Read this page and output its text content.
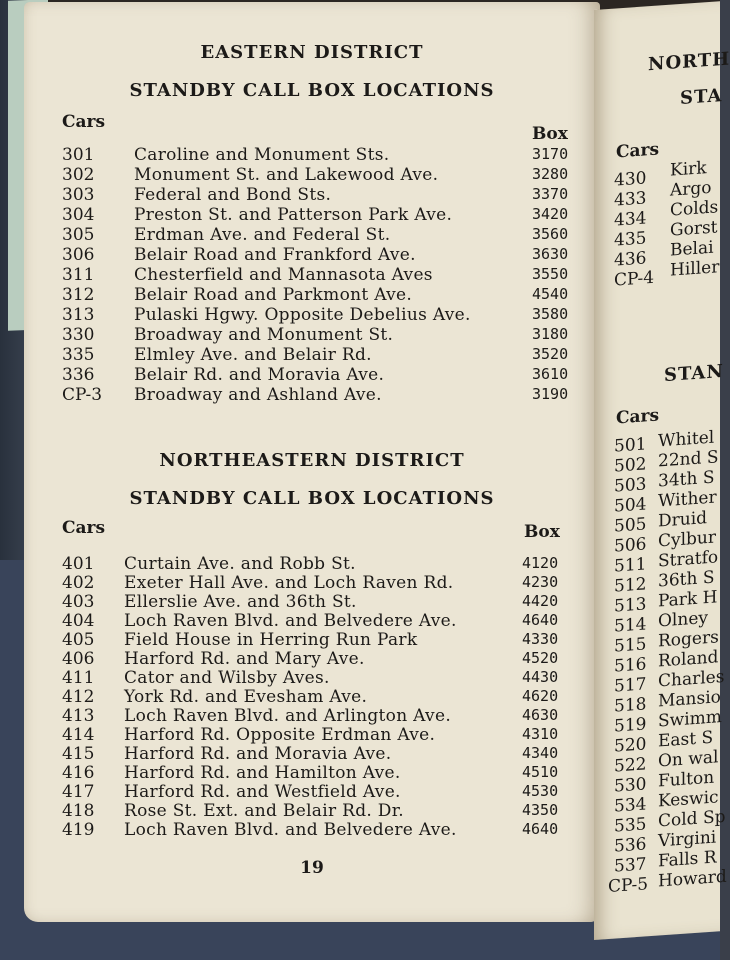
EASTERN DISTRICT
STANDBY CALL BOX LOCATIONS
Cars
Box
301	Caroline and Monument Sts.	3170
302	Monument St. and Lakewood Ave.	3280
303	Federal and Bond Sts.	3370
304	Preston St. and Patterson Park Ave.	3420
305	Erdman Ave. and Federal St.	3560
306	Belair Road and Frankford Ave.	3630
311	Chesterfield and Mannasota Aves	3550
312	Belair Road and Parkmont Ave.	4540
313	Pulaski Hgwy. Opposite Debelius Ave.	3580
330	Broadway and Monument St.	3180
335	Elmley Ave. and Belair Rd.	3520
336	Belair Rd. and Moravia Ave.	3610
CP-3	Broadway and Ashland Ave.	3190
NORTHEASTERN DISTRICT
STANDBY CALL BOX LOCATIONS
Cars	Box
401	Curtain Ave. and Robb St.	4120
402	Exeter Hall Ave. and Loch Raven Rd.	4230
403	Ellerslie Ave. and 36th St.	4420
404	Loch Raven Blvd. and Belvedere Ave.	4640
405	Field House in Herring Run Park	4330
406	Harford Rd. and Mary Ave.	4520
411	Cator and Wilsby Aves.	4430
412	York Rd. and Evesham Ave.	4620
413	Loch Raven Blvd. and Arlington Ave.	4630
414	Harford Rd. Opposite Erdman Ave.	4310
415	Harford Rd. and Moravia Ave.	4340
416	Harford Rd. and Hamilton Ave.	4510
417	Harford Rd. and Westfield Ave.	4530
418	Rose St. Ext. and Belair Rd. Dr.	4350
419	Loch Raven Blvd. and Belvedere Ave.	4640
19
NORTH
STA
Cars
430 Kirk
433 Argo
434 Colds
435 Gorst
436 Belai
CP-4 Hiller
STAN
Cars
501 Whitel
502 22nd S
503 34th S
504 Wither
505 Druid
506 Cylbur
511 Stratfo
512 36th S
513 Park H
514 Olney
515 Rogers
516 Roland
517 Charles
518 Mansio
519 Swimm
520 East S
522 On wal
530 Fulton
534 Keswic
535 Cold Sp
536 Virgini
537 Falls R
CP-5 Howard
